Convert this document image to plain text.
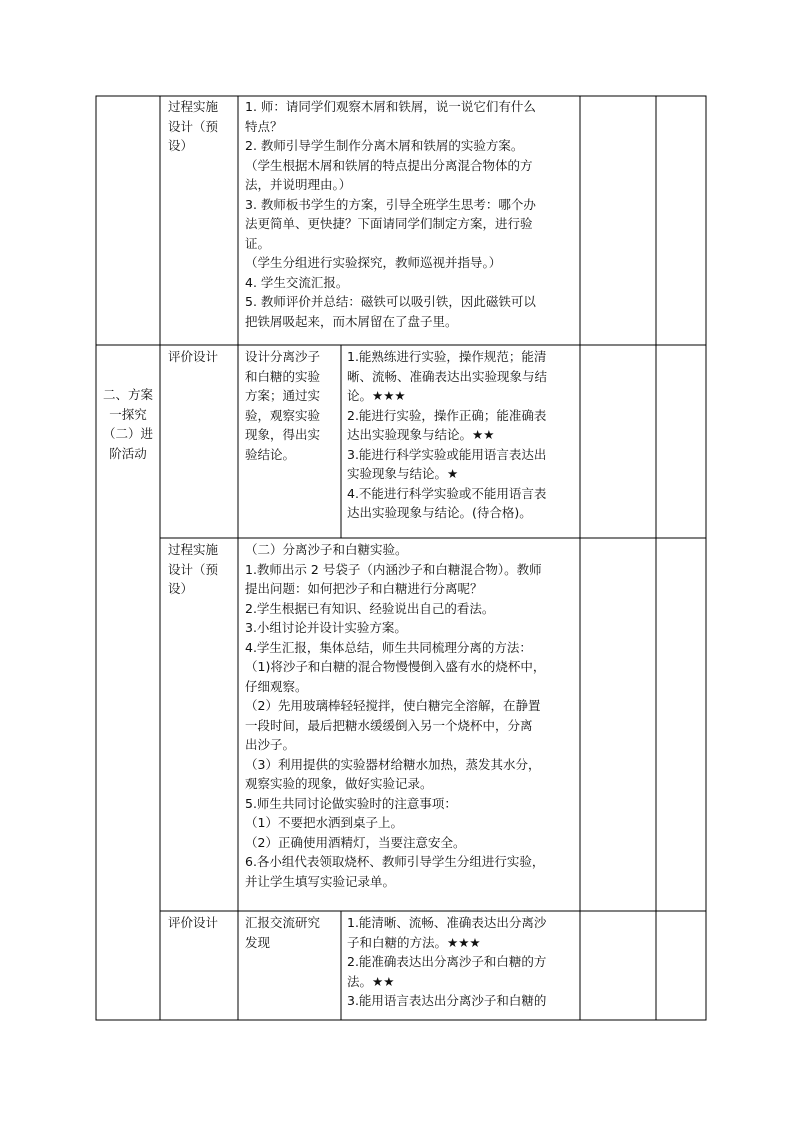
过程实施
设计（预
设）
1. 师：请同学们观察木屑和铁屑，说一说它们有什么
特点？
2. 教师引导学生制作分离木屑和铁屑的实验方案。
（学生根据木屑和铁屑的特点提出分离混合物体的方
法，并说明理由。）
3. 教师板书学生的方案，引导全班学生思考：哪个办
法更简单、更快捷？下面请同学们制定方案，进行验
证。
（学生分组进行实验探究，教师巡视并指导。）
4. 学生交流汇报。
5. 教师评价并总结：磁铁可以吸引铁，因此磁铁可以
把铁屑吸起来，而木屑留在了盘子里。
二、方案
一探究
（二）进
阶活动
评价设计	设计分离沙子
和白糖的实验
方案；通过实
验，观察实验
现象，得出实
验结论。
1.能熟练进行实验，操作规范；能清
晰、流畅、准确表达出实验现象与结
论。★★★
2.能进行实验，操作正确；能准确表
达出实验现象与结论。★★
3.能进行科学实验或能用语言表达出
实验现象与结论。★
4.不能进行科学实验或不能用语言表
达出实验现象与结论。(待合格)。
过程实施
设计（预
设）
（二）分离沙子和白糖实验。
1.教师出示 2 号袋子（内涵沙子和白糖混合物）。教师
提出问题：如何把沙子和白糖进行分离呢？
2.学生根据已有知识、经验说出自己的看法。
3.小组讨论并设计实验方案。
4.学生汇报，集体总结，师生共同梳理分离的方法：
（1)将沙子和白糖的混合物慢慢倒入盛有水的烧杯中，
仔细观察。
（2）先用玻璃棒轻轻搅拌，使白糖完全溶解，在静置
一段时间，最后把糖水缓缓倒入另一个烧杯中，分离
出沙子。
（3）利用提供的实验器材给糖水加热，蒸发其水分，
观察实验的现象，做好实验记录。
5.师生共同讨论做实验时的注意事项：
（1）不要把水洒到桌子上。
（2）正确使用酒精灯，当要注意安全。
6.各小组代表领取烧杯、教师引导学生分组进行实验，
并让学生填写实验记录单。
评价设计	汇报交流研究
发现
1.能清晰、流畅、准确表达出分离沙
子和白糖的方法。★★★
2.能准确表达出分离沙子和白糖的方
法。★★
3.能用语言表达出分离沙子和白糖的
